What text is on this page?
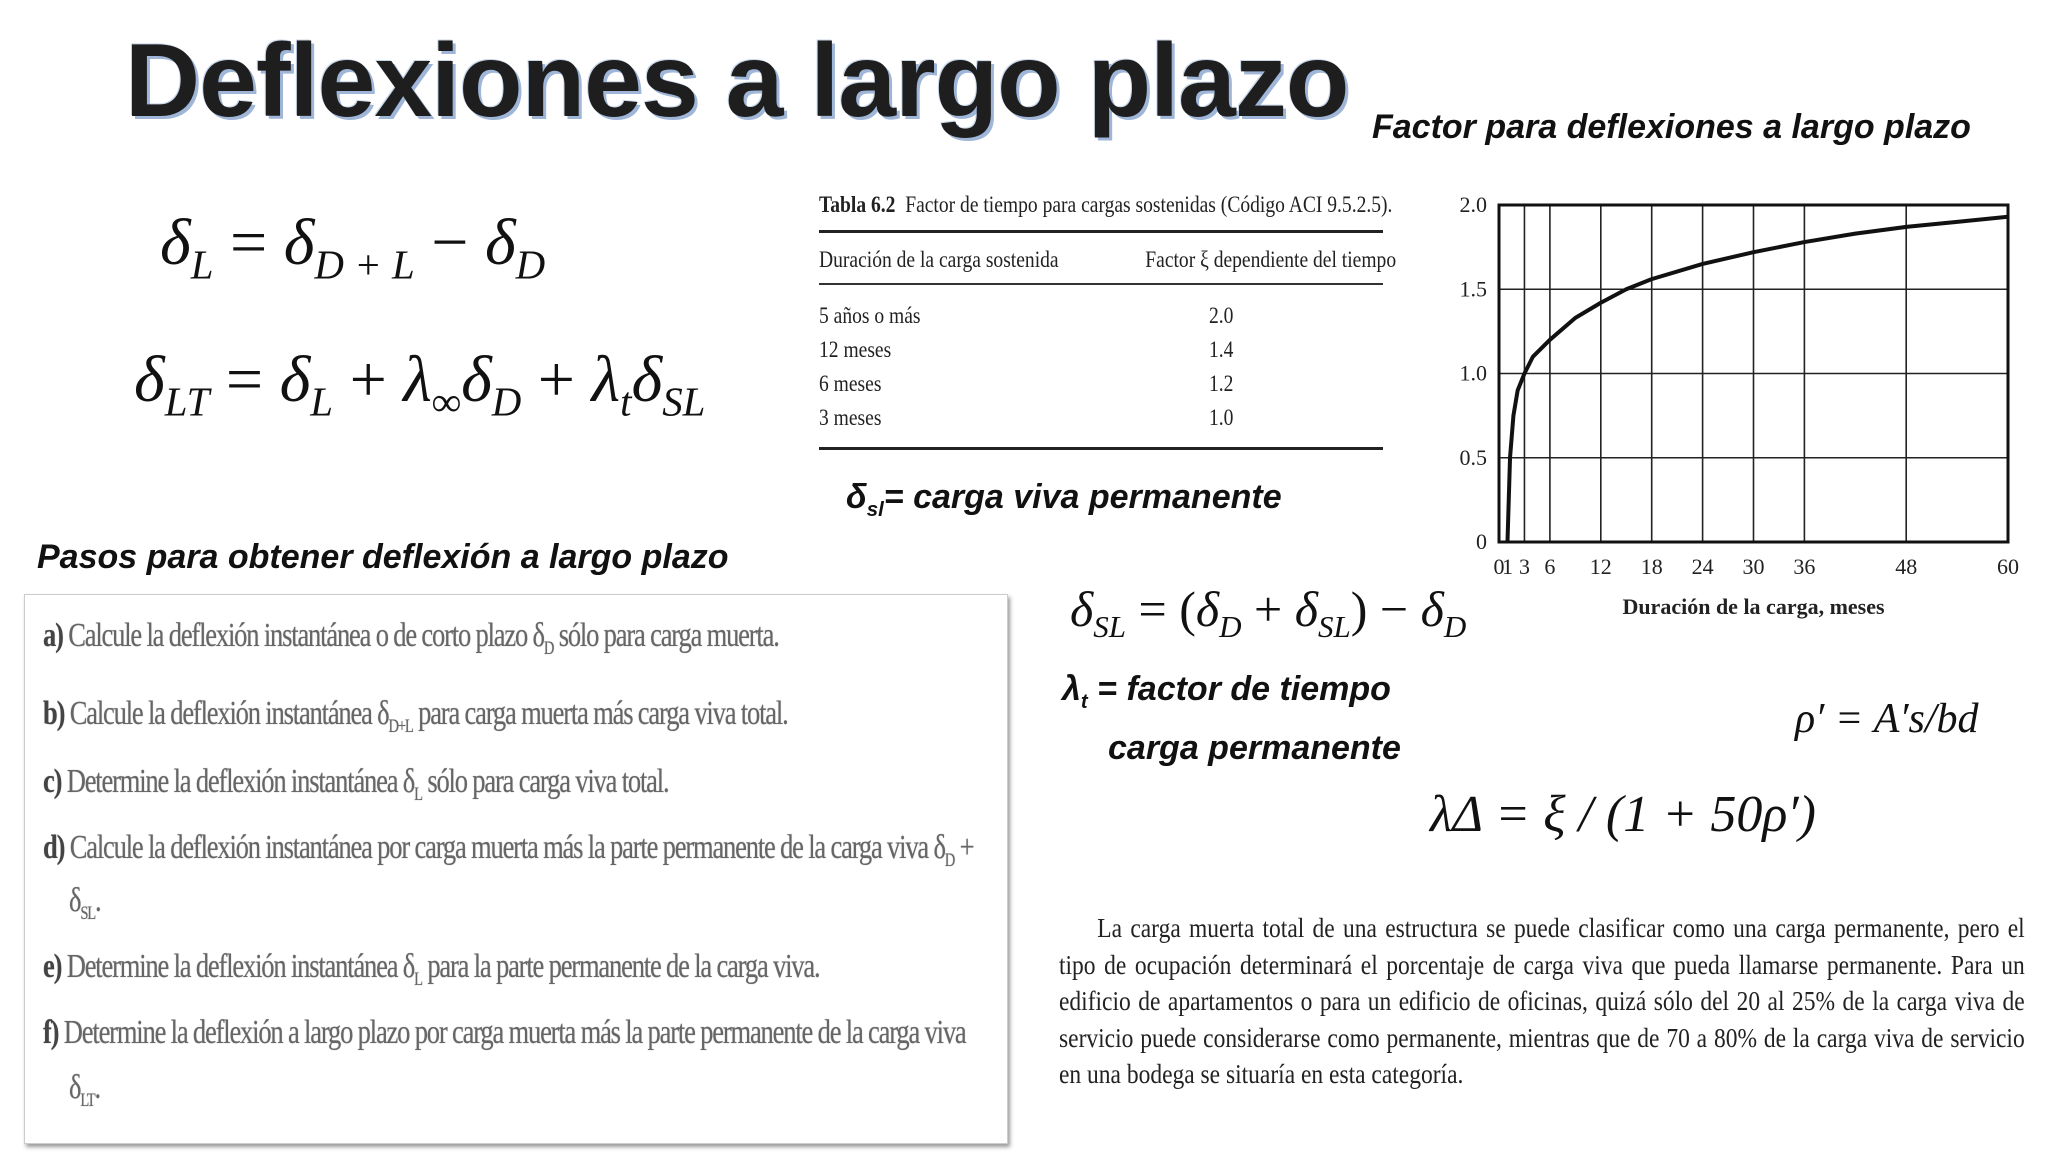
Deflexiones a largo plazo Factor para deflexiones a largo plazo
$\delta_L = \delta_{D + L} - \delta_D$
$\delta_{LT} = \delta_L + \lambda_\infty\delta_D + \lambda_t\delta_{SL}$
Tabla 6.2 Factor de tiempo para cargas sostenidas (Código ACI 9.5.2.5).
Duración de la carga sostenida	Factor ξ dependiente del tiempo
5 años o más	2.0
12 meses	1.4
6 meses	1.2
3 meses	1.0
$\delta_{sl}=$ carga viva permanente
Pasos para obtener deflexión a largo plazo
a) Calcule la deflexión instantánea o de corto plazo $\delta_D$ sólo para carga muerta.
b) Calcule la deflexión instantánea $\delta_{D+L}$ para carga muerta más carga viva total.
c) Determine la deflexión instantánea $\delta_L$ sólo para carga viva total.
d) Calcule la deflexión instantánea por carga muerta más la parte permanente de la carga viva $\delta_D$ +
$\delta_{SL}$.
e) Determine la deflexión instantánea $\delta_L$ para la parte permanente de la carga viva.
f) Determine la deflexión a largo plazo por carga muerta más la parte permanente de la carga viva
$\delta_{LT}$.
0
1 3 6 12 18 24 30 36	48	60
0
0.5
1.0
1.5
2.0
Duración de la carga, meses
$\delta_{SL} = (\delta_D + \delta_{SL}) - \delta_D$
$\lambda_t$ = factor de tiempo
carga permanente
ρ′ = A′s/bd
λΔ = ξ / (1 + 50ρ′)
La carga muerta total de una estructura se puede clasificar como una carga permanente, pero el tipo de ocupación determinará el porcentaje de carga viva que pueda llamarse permanente. Para un edificio de apartamentos o para un edificio de oficinas, quizá sólo del 20 al 25% de la carga viva de servicio puede considerarse como permanente, mientras que de 70 a 80% de la carga viva de servicio en una bodega se situaría en esta categoría.
